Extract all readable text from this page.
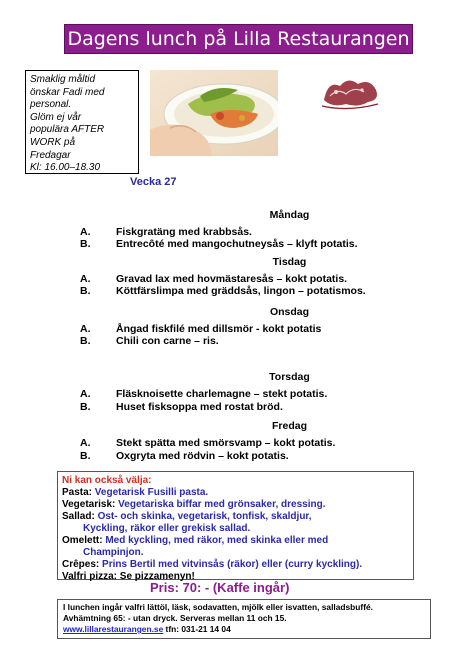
Dagens lunch på Lilla Restaurangen
Smaklig måltid
önskar Fadi med
personal.
Glöm ej vår
populära AFTER
WORK på
Fredagar
Kl: 16.00–18.30
Vecka 27
Måndag
A. Fiskgratäng med krabbsås.
B. Entrecôté med mangochutneysås – klyft potatis.
Tisdag
A. Gravad lax med hovmästaresås – kokt potatis.
B. Köttfärslimpa med gräddsås, lingon – potatismos.
Onsdag
A. Ångad fiskfilé med dillsmör - kokt potatis
B. Chili con carne – ris.
Torsdag
A. Fläsknoisette charlemagne – stekt potatis.
B. Huset fisksoppa med rostat bröd.
Fredag
A. Stekt spätta med smörsvamp – kokt potatis.
B. Oxgryta med rödvin – kokt potatis.
Ni kan också välja:
Pasta: Vegetarisk Fusilli pasta.
Vegetarisk: Vegetariska biffar med grönsaker, dressing.
Sallad: Ost- och skinka, vegetarisk, tonfisk, skaldjur,
Kyckling, räkor eller grekisk sallad.
Omelett: Med kyckling, med räkor, med skinka eller med
Champinjon.
Crêpes: Prins Bertil med vitvinsås (räkor) eller (curry kyckling).
Valfri pizza: Se pizzamenyn!
Pris: 70: - (Kaffe ingår)
I lunchen ingår valfri lättöl, läsk, sodavatten, mjölk eller isvatten, salladsbuffé.
Avhämtning 65: - utan dryck. Serveras mellan 11 och 15.
www.lillarestaurangen.se tfn: 031-21 14 04
